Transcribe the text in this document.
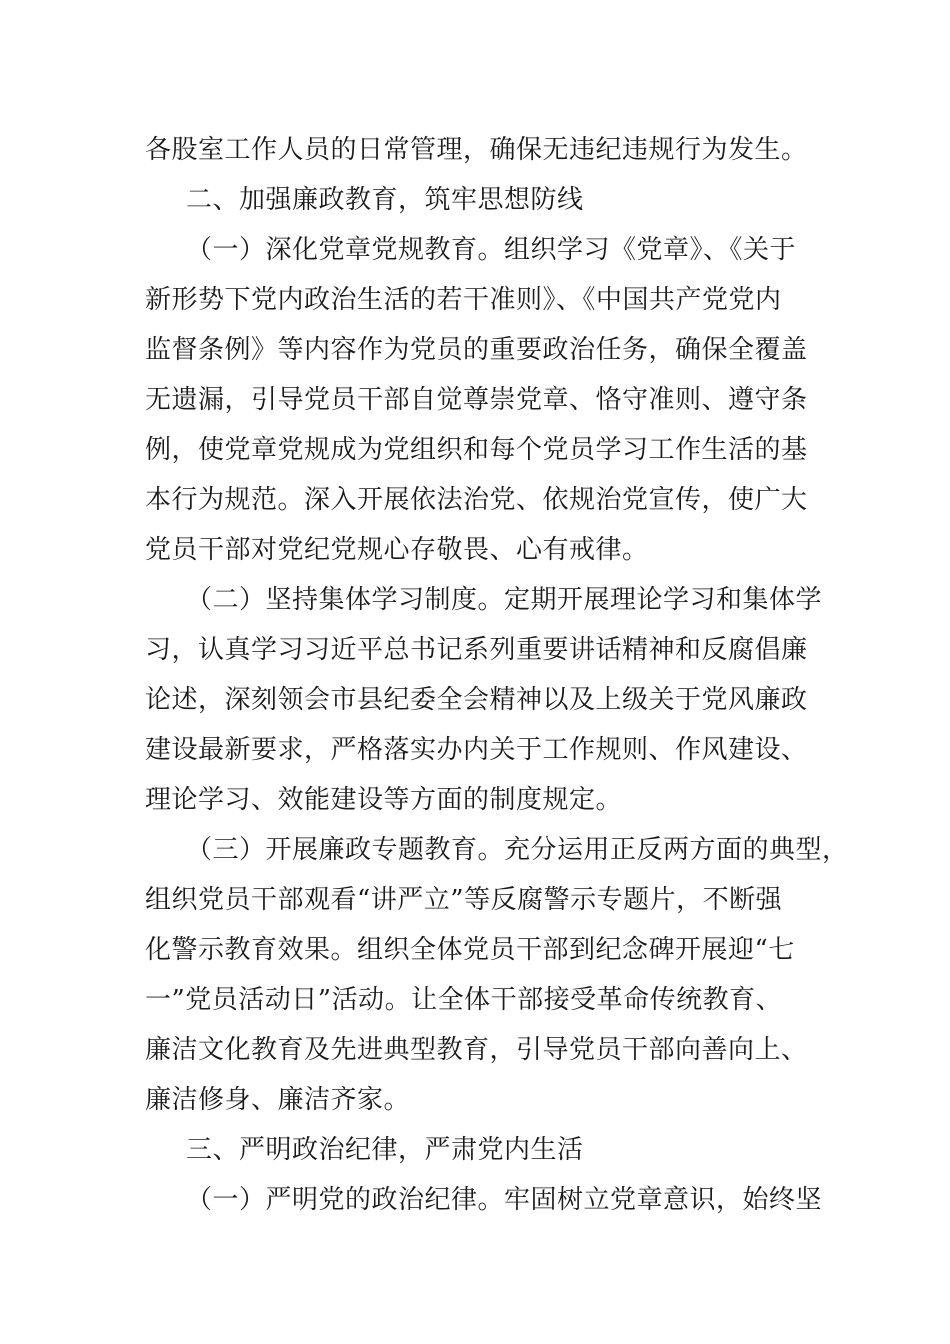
各股室工作人员的日常管理，确保无违纪违规行为发生。
二、加强廉政教育，筑牢思想防线
（一）深化党章党规教育。组织学习《党章》、《关于
新形势下党内政治生活的若干准则》、《中国共产党党内
监督条例》等内容作为党员的重要政治任务，确保全覆盖
无遗漏，引导党员干部自觉尊崇党章、恪守准则、遵守条
例，使党章党规成为党组织和每个党员学习工作生活的基
本行为规范。深入开展依法治党、依规治党宣传，使广大
党员干部对党纪党规心存敬畏、心有戒律。
（二）坚持集体学习制度。定期开展理论学习和集体学
习，认真学习习近平总书记系列重要讲话精神和反腐倡廉
论述，深刻领会市县纪委全会精神以及上级关于党风廉政
建设最新要求，严格落实办内关于工作规则、作风建设、
理论学习、效能建设等方面的制度规定。
（三）开展廉政专题教育。充分运用正反两方面的典型，
组织党员干部观看“讲严立”等反腐警示专题片，不断强
化警示教育效果。组织全体党员干部到纪念碑开展迎“七
一”党员活动日”活动。让全体干部接受革命传统教育、
廉洁文化教育及先进典型教育，引导党员干部向善向上、
廉洁修身、廉洁齐家。
三、严明政治纪律，严肃党内生活
（一）严明党的政治纪律。牢固树立党章意识，始终坚
